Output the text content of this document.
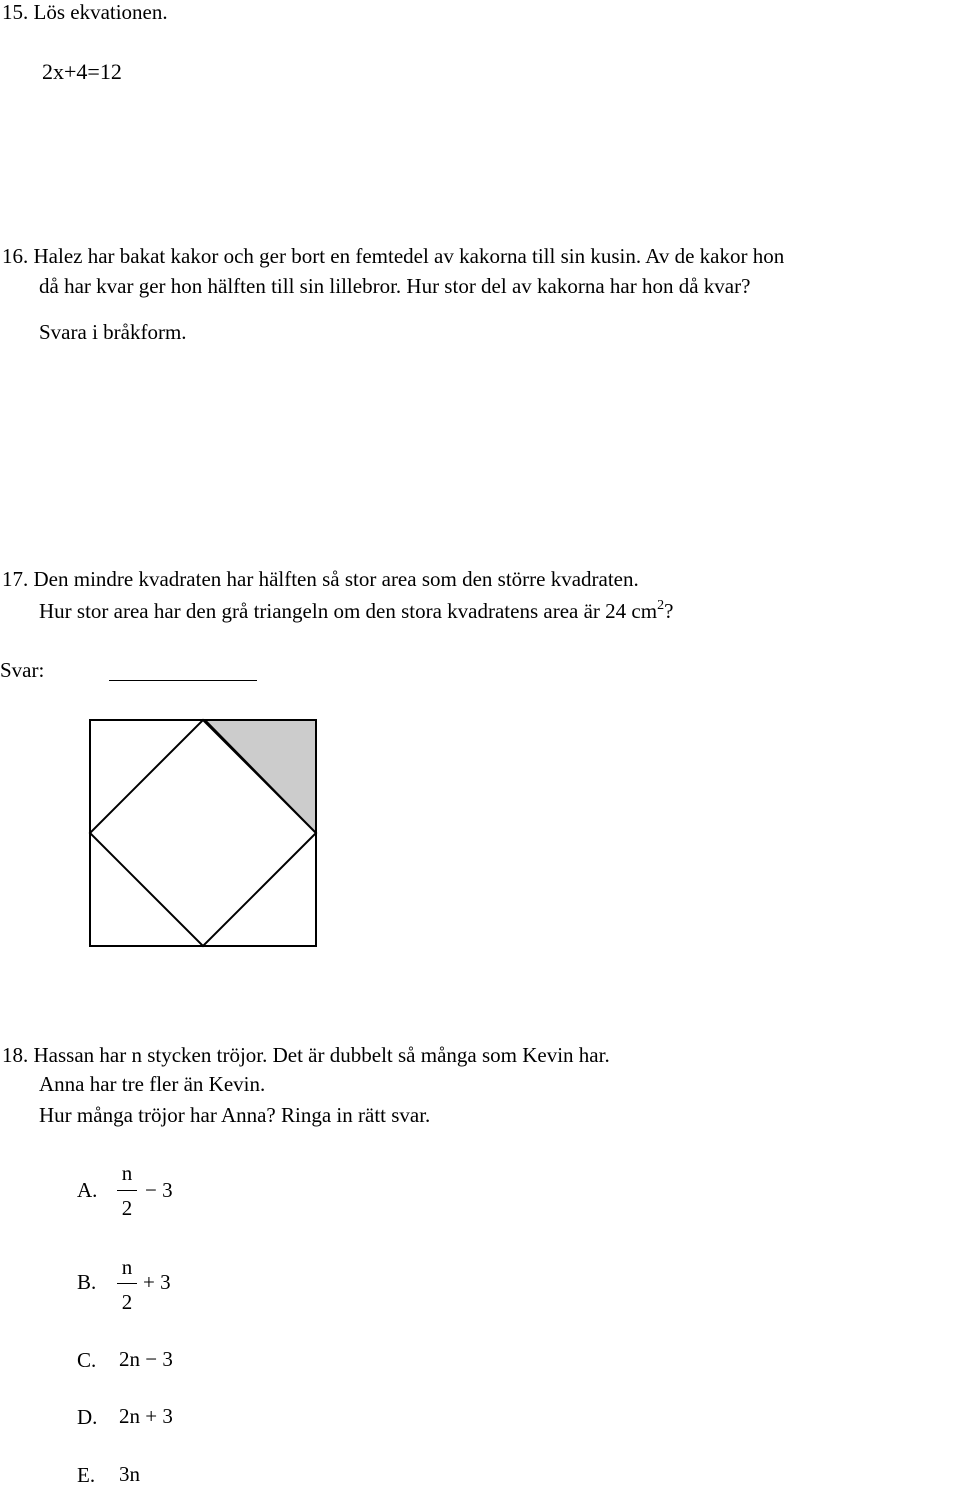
15. Lös ekvationen.
2x+4=12
16. Halez har bakat kakor och ger bort en femtedel av kakorna till sin kusin. Av de kakor hon
då har kvar ger hon hälften till sin lillebror. Hur stor del av kakorna har hon då kvar?
Svara i bråkform.
17. Den mindre kvadraten har hälften så stor area som den större kvadraten.
Hur stor area har den grå triangeln om den stora kvadratens area är 24 $cm^2$?
Svar:
18. Hassan har n stycken tröjor. Det är dubbelt så många som Kevin har.
Anna har tre fler än Kevin.
Hur många tröjor har Anna? Ringa in rätt svar.
A.
n
2
− 3
B.
n
2
+ 3
C. 2n − 3
D. 2n + 3
E. 3n
